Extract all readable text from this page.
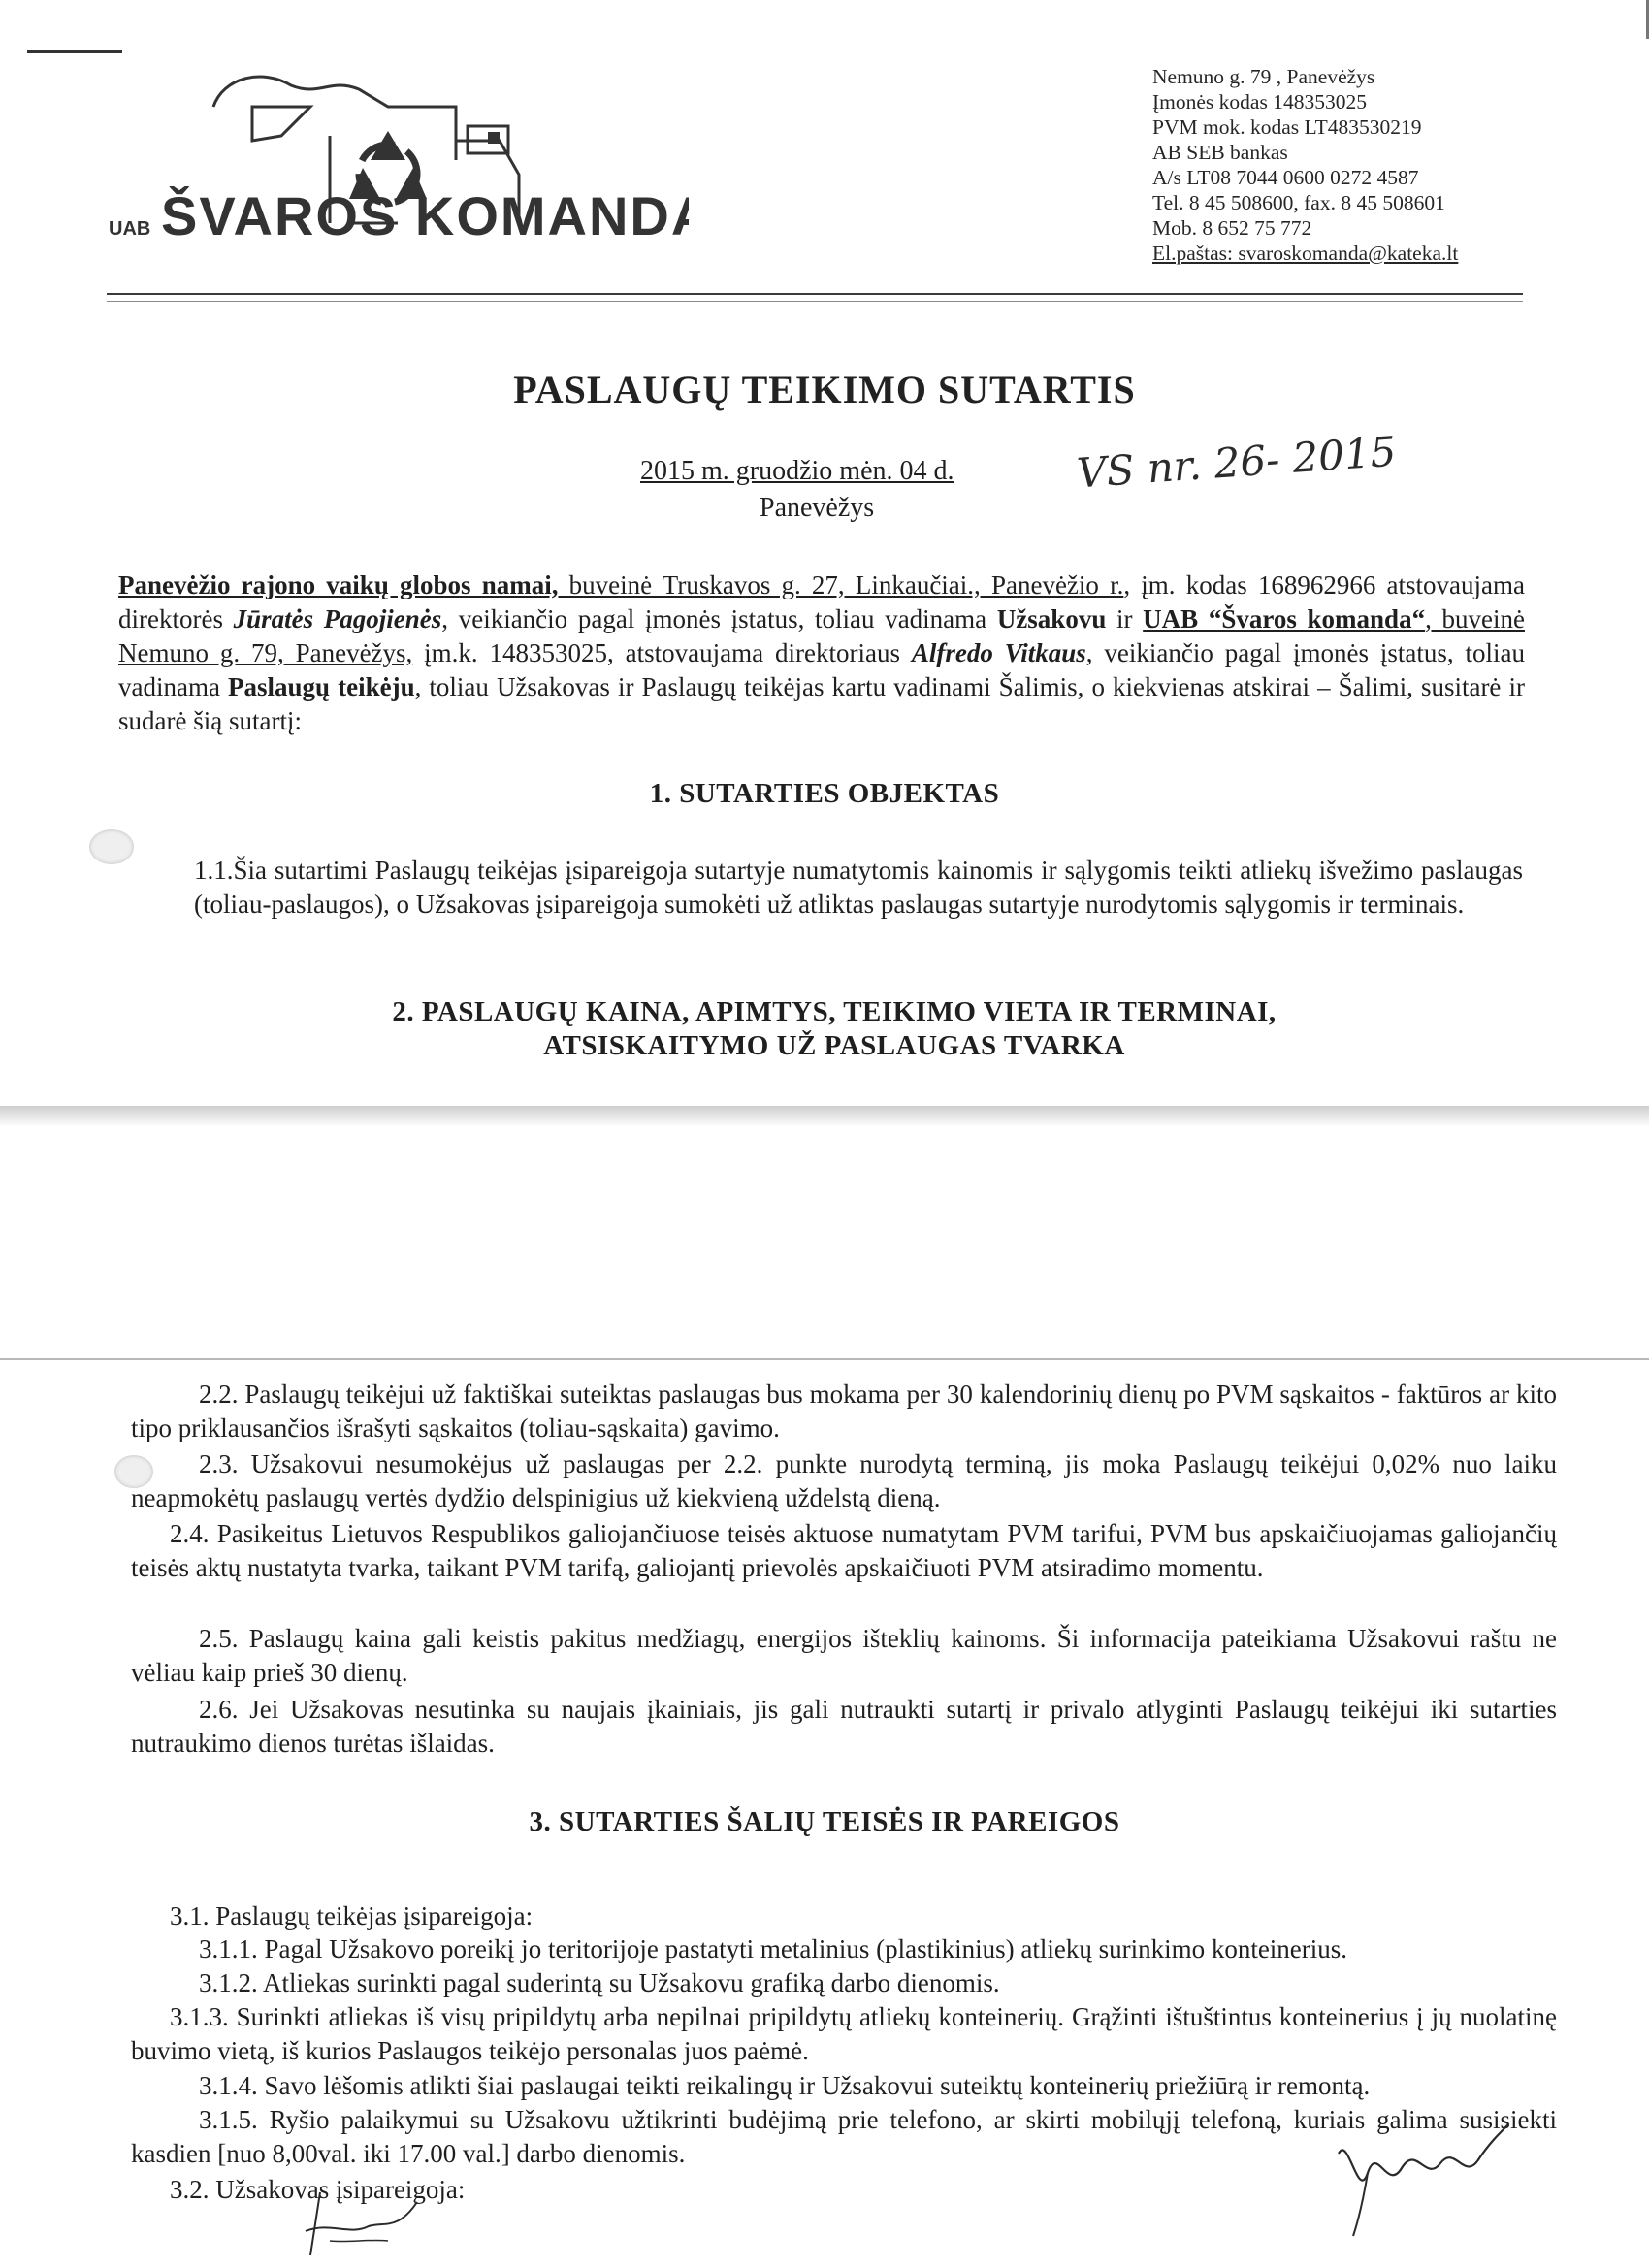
UAB ŠVAROS KOMANDA
Nemuno g. 79 , Panevėžys
Įmonės kodas 148353025
PVM mok. kodas LT483530219
AB SEB bankas
A/s LT08 7044 0600 0272 4587
Tel. 8 45 508600, fax. 8 45 508601
Mob. 8 652 75 772
El.paštas: svaroskomanda@kateka.lt
PASLAUGŲ TEIKIMO SUTARTIS
2015 m. gruodžio mėn. 04 d.
Panevėžys
VS nr. 26- 2015
Panevėžio rajono vaikų globos namai, buveinė Truskavos g. 27, Linkaučiai., Panevėžio r., įm. kodas 168962966 atstovaujama direktorės Jūratės Pagojienės, veikiančio pagal įmonės įstatus, toliau vadinama Užsakovu ir UAB “Švaros komanda“, buveinė Nemuno g. 79, Panevėžys, įm.k. 148353025, atstovaujama direktoriaus Alfredo Vitkaus, veikiančio pagal įmonės įstatus, toliau vadinama Paslaugų teikėju, toliau Užsakovas ir Paslaugų teikėjas kartu vadinami Šalimis, o kiekvienas atskirai – Šalimi, susitarė ir sudarė šią sutartį:
1. SUTARTIES OBJEKTAS
1.1.Šia sutartimi Paslaugų teikėjas įsipareigoja sutartyje numatytomis kainomis ir sąlygomis teikti atliekų išvežimo paslaugas (toliau-paslaugos), o Užsakovas įsipareigoja sumokėti už atliktas paslaugas sutartyje nurodytomis sąlygomis ir terminais.
2. PASLAUGŲ KAINA, APIMTYS, TEIKIMO VIETA IR TERMINAI,
ATSISKAITYMO UŽ PASLAUGAS TVARKA
2.2. Paslaugų teikėjui už faktiškai suteiktas paslaugas bus mokama per 30 kalendorinių dienų po PVM sąskaitos - faktūros ar kito tipo priklausančios išrašyti sąskaitos (toliau-sąskaita) gavimo.
2.3. Užsakovui nesumokėjus už paslaugas per 2.2. punkte nurodytą terminą, jis moka Paslaugų teikėjui 0,02% nuo laiku neapmokėtų paslaugų vertės dydžio delspinigius už kiekvieną uždelstą dieną.
2.4. Pasikeitus Lietuvos Respublikos galiojančiuose teisės aktuose numatytam PVM tarifui, PVM bus apskaičiuojamas galiojančių teisės aktų nustatyta tvarka, taikant PVM tarifą, galiojantį prievolės apskaičiuoti PVM atsiradimo momentu.
2.5. Paslaugų kaina gali keistis pakitus medžiagų, energijos išteklių kainoms. Ši informacija pateikiama Užsakovui raštu ne vėliau kaip prieš 30 dienų.
2.6. Jei Užsakovas nesutinka su naujais įkainiais, jis gali nutraukti sutartį ir privalo atlyginti Paslaugų teikėjui iki sutarties nutraukimo dienos turėtas išlaidas.
3. SUTARTIES ŠALIŲ TEISĖS IR PAREIGOS
3.1. Paslaugų teikėjas įsipareigoja:
3.1.1. Pagal Užsakovo poreikį jo teritorijoje pastatyti metalinius (plastikinius) atliekų surinkimo konteinerius.
3.1.2. Atliekas surinkti pagal suderintą su Užsakovu grafiką darbo dienomis.
3.1.3. Surinkti atliekas iš visų pripildytų arba nepilnai pripildytų atliekų konteinerių. Grąžinti ištuštintus konteinerius į jų nuolatinę buvimo vietą, iš kurios Paslaugos teikėjo personalas juos paėmė.
3.1.4. Savo lėšomis atlikti šiai paslaugai teikti reikalingų ir Užsakovui suteiktų konteinerių priežiūrą ir remontą.
3.1.5. Ryšio palaikymui su Užsakovu užtikrinti budėjimą prie telefono, ar skirti mobilųjį telefoną, kuriais galima susisiekti kasdien [nuo 8,00val. iki 17.00 val.] darbo dienomis.
3.2. Užsakovas įsipareigoja:
